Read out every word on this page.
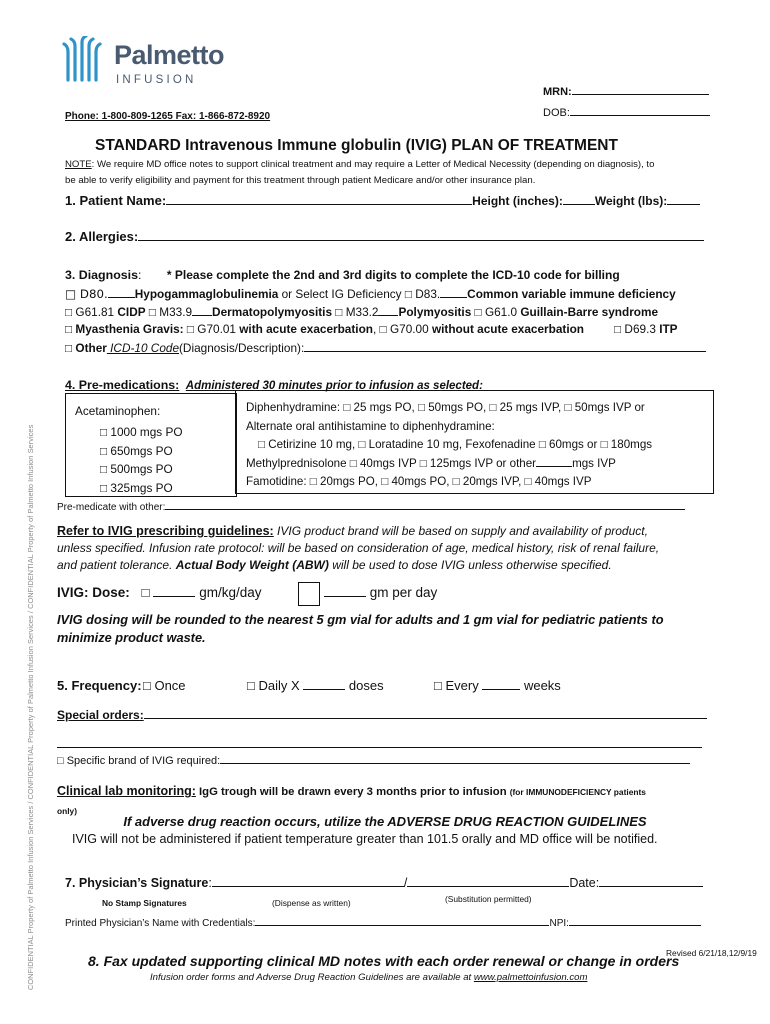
CONFIDENTIAL Property of Palmetto Infusion Services / CONFIDENTIAL Property of Palmetto Infusion Services / CONFIDENTIAL Property of Palmetto Infusion Services
Palmetto
INFUSION
MRN:
DOB:
Phone: 1-800-809-1265 Fax: 1-866-872-8920
STANDARD Intravenous Immune globulin (IVIG) PLAN OF TREATMENT
NOTE: We require MD office notes to support clinical treatment and may require a Letter of Medical Necessity (depending on diagnosis), to
be able to verify eligibility and payment for this treatment through patient Medicare and/or other insurance plan.
1. Patient Name:	Height (inches):	Weight (lbs):
2. Allergies:
3. Diagnosis: * Please complete the 2nd and 3rd digits to complete the ICD-10 code for billing
□ D80. Hypogammaglobulinemia or Select IG Deficiency □ D83. Common variable immune deficiency
□ G61.81 CIDP □ M33.9 Dermatopolymyositis □ M33.2 Polymyositis □ G61.0 Guillain-Barre syndrome
□ Myasthenia Gravis: □ G70.01 with acute exacerbation, □ G70.00 without acute exacerbation	□ D69.3 ITP
□ Other ICD-10 Code(Diagnosis/Description):
4. Pre-medications: Administered 30 minutes prior to infusion as selected:
Acetaminophen:
□ 1000 mgs PO
□ 650mgs PO
□ 500mgs PO
□ 325mgs PO
Diphenhydramine: □ 25 mgs PO, □ 50mgs PO, □ 25 mgs IVP, □ 50mgs IVP or
Alternate oral antihistamine to diphenhydramine:
□ Cetirizine 10 mg, □ Loratadine 10 mg, Fexofenadine □ 60mgs or □ 180mgs
Methylprednisolone □ 40mgs IVP □ 125mgs IVP or other	mgs IVP
Famotidine: □ 20mgs PO, □ 40mgs PO, □ 20mgs IVP, □ 40mgs IVP
Pre-medicate with other:
Refer to IVIG prescribing guidelines: IVIG product brand will be based on supply and availability of product,
unless specified. Infusion rate protocol: will be based on consideration of age, medical history, risk of renal failure,
and patient tolerance. Actual Body Weight (ABW) will be used to dose IVIG unless otherwise specified.
IVIG: Dose: □	gm/kg/day	gm per day
IVIG dosing will be rounded to the nearest 5 gm vial for adults and 1 gm vial for pediatric patients to
minimize product waste.
5. Frequency: □ Once	□ Daily X	doses	□ Every	weeks
Special orders:
□ Specific brand of IVIG required:
Clinical lab monitoring: IgG trough will be drawn every 3 months prior to infusion (for IMMUNODEFICIENCY patients
only)
If adverse drug reaction occurs, utilize the ADVERSE DRUG REACTION GUIDELINES
IVIG will not be administered if patient temperature greater than 101.5 orally and MD office will be notified.
7. Physician’s Signature:	/	Date:
No Stamp Signatures	(Dispense as written)	(Substitution permitted)
Printed Physician’s Name with Credentials:	NPI:
Revised 6/21/18,12/9/19
8. Fax updated supporting clinical MD notes with each order renewal or change in orders
Infusion order forms and Adverse Drug Reaction Guidelines are available at www.palmettoinfusion.com
